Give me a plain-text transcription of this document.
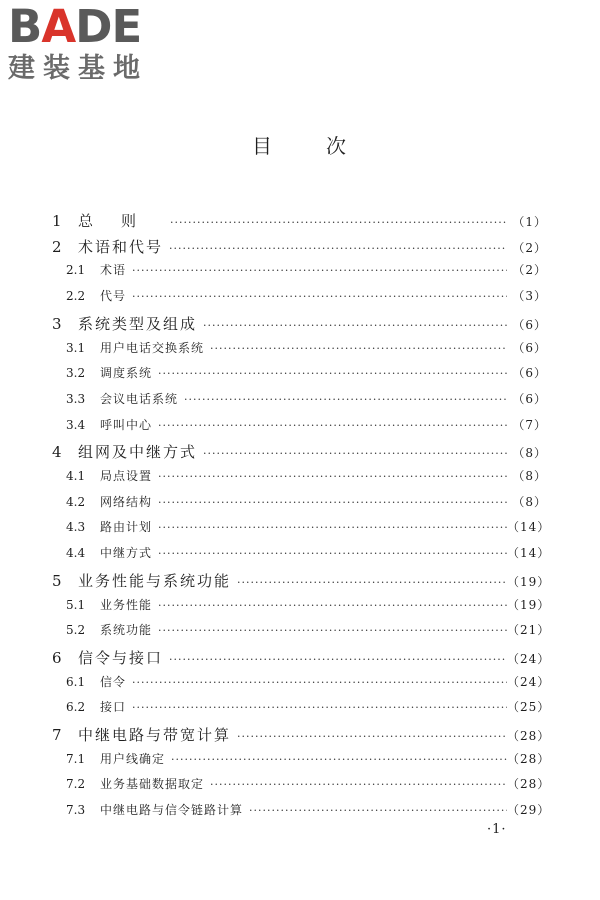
BADE
建装基地
目次
1	总则 ·····	（1）
2	术语和代号 ·····	（2）
2.1	术语 ·····	（2）
2.2	代号 ·····	（3）
3	系统类型及组成 ·····	（6）
3.1	用户电话交换系统 ·····	（6）
3.2	调度系统 ·····	（6）
3.3	会议电话系统 ·····	（6）
3.4	呼叫中心 ·····	（7）
4	组网及中继方式 ·····	（8）
4.1	局点设置 ·····	（8）
4.2	网络结构 ·····	（8）
4.3	路由计划 ·····	（14）
4.4	中继方式 ·····	（14）
5	业务性能与系统功能 ·····	（19）
5.1	业务性能 ·····	（19）
5.2	系统功能 ·····	（21）
6	信令与接口 ·····	（24）
6.1	信令 ·····	（24）
6.2	接口 ·····	（25）
7	中继电路与带宽计算 ·····	（28）
7.1	用户线确定 ·····	（28）
7.2	业务基础数据取定 ·····	（28）
7.3	中继电路与信令链路计算 ·····	（29）
·1·
